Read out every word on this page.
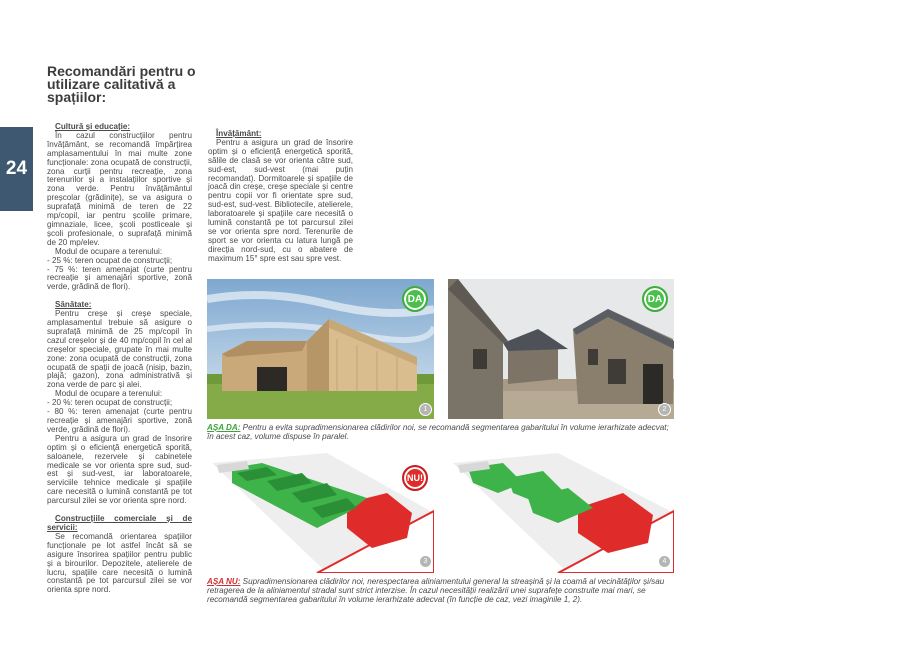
24
Recomandări pentru o utilizare calitativă a spațiilor:

Cultură și educație:

În cazul construcțiilor pentru învățământ, se recomandă împărțirea amplasamentului în mai multe zone funcționale: zona ocupată de construcții, zona curții pentru recreație, zona terenurilor și a instalațiilor sportive și zona verde. Pentru învățământul preșcolar (grădinițe), se va asigura o suprafață minimă de teren de 22 mp/copil, iar pentru școlile primare, gimnaziale, licee, școli postliceale și școli profesionale, o suprafață minimă de 20 mp/elev.

Modul de ocupare a terenului:

- 25 %: teren ocupat de construcții;

- 75 %: teren amenajat (curte pentru recreație și amenajări sportive, zonă verde, grădină de flori).

Sănătate:

Pentru creșe și creșe speciale, amplasamentul trebuie să asigure o suprafață minimă de 25 mp/copil în cazul creșelor și de 40 mp/copil în cel al creșelor speciale, grupate în mai multe zone: zona ocupată de construcții, zona ocupată de spații de joacă (nisip, bazin, plajă; gazon), zona administrativă și zona verde de parc și alei.

Modul de ocupare a terenului:

- 20 %: teren ocupat de construcții;

- 80 %: teren amenajat (curte pentru recreație și amenajări sportive, zonă verde, grădină de flori).

Pentru a asigura un grad de însorire optim și o eficiență energetică sporită, saloanele, rezervele și cabinetele medicale se vor orienta spre sud, sud-est și sud-vest, iar laboratoarele, serviciile tehnice medicale și spațiile care necesită o lumină constantă pe tot parcursul zilei se vor orienta spre nord.

Construcțiile comerciale și de servicii:

Se recomandă orientarea spațiilor funcționale pe lot astfel încât să se asigure însorirea spațiilor pentru public și a birourilor. Depozitele, atelierele de lucru, spațiile care necesită o lumină constantă pe tot parcursul zilei se vor orienta spre nord.

Învățământ:

Pentru a asigura un grad de însorire optim și o eficiență energetică sporită, sălile de clasă se vor orienta către sud, sud-est, sud-vest (mai puțin recomandat). Dormitoarele și spațiile de joacă din creșe, creșe speciale și centre pentru copii vor fi orientate spre sud, sud-est, sud-vest. Bibliotecile, atelierele, laboratoarele și spațiile care necesită o lumină constantă pe tot parcursul zilei se vor orienta spre nord. Terenurile de sport se vor orienta cu latura lungă pe direcția nord-sud, cu o abatere de maximum 15° spre est sau spre vest.

DA
1
DA
2
AȘA DA: Pentru a evita supradimensionarea clădirilor noi, se recomandă segmentarea gabaritului în volume ierarhizate adecvat; în acest caz, volume dispuse în paralel.
NU!
3	4
AȘA NU: Supradimensionarea clădirilor noi, nerespectarea aliniamentului general la streașină și la coamă al vecinătăților și/sau retragerea de la aliniamentul stradal sunt strict interzise. În cazul necesității realizării unei suprafețe construite mai mari, se recomandă segmentarea gabaritului în volume ierarhizate adecvat (în funcție de caz, vezi imaginile 1, 2).
